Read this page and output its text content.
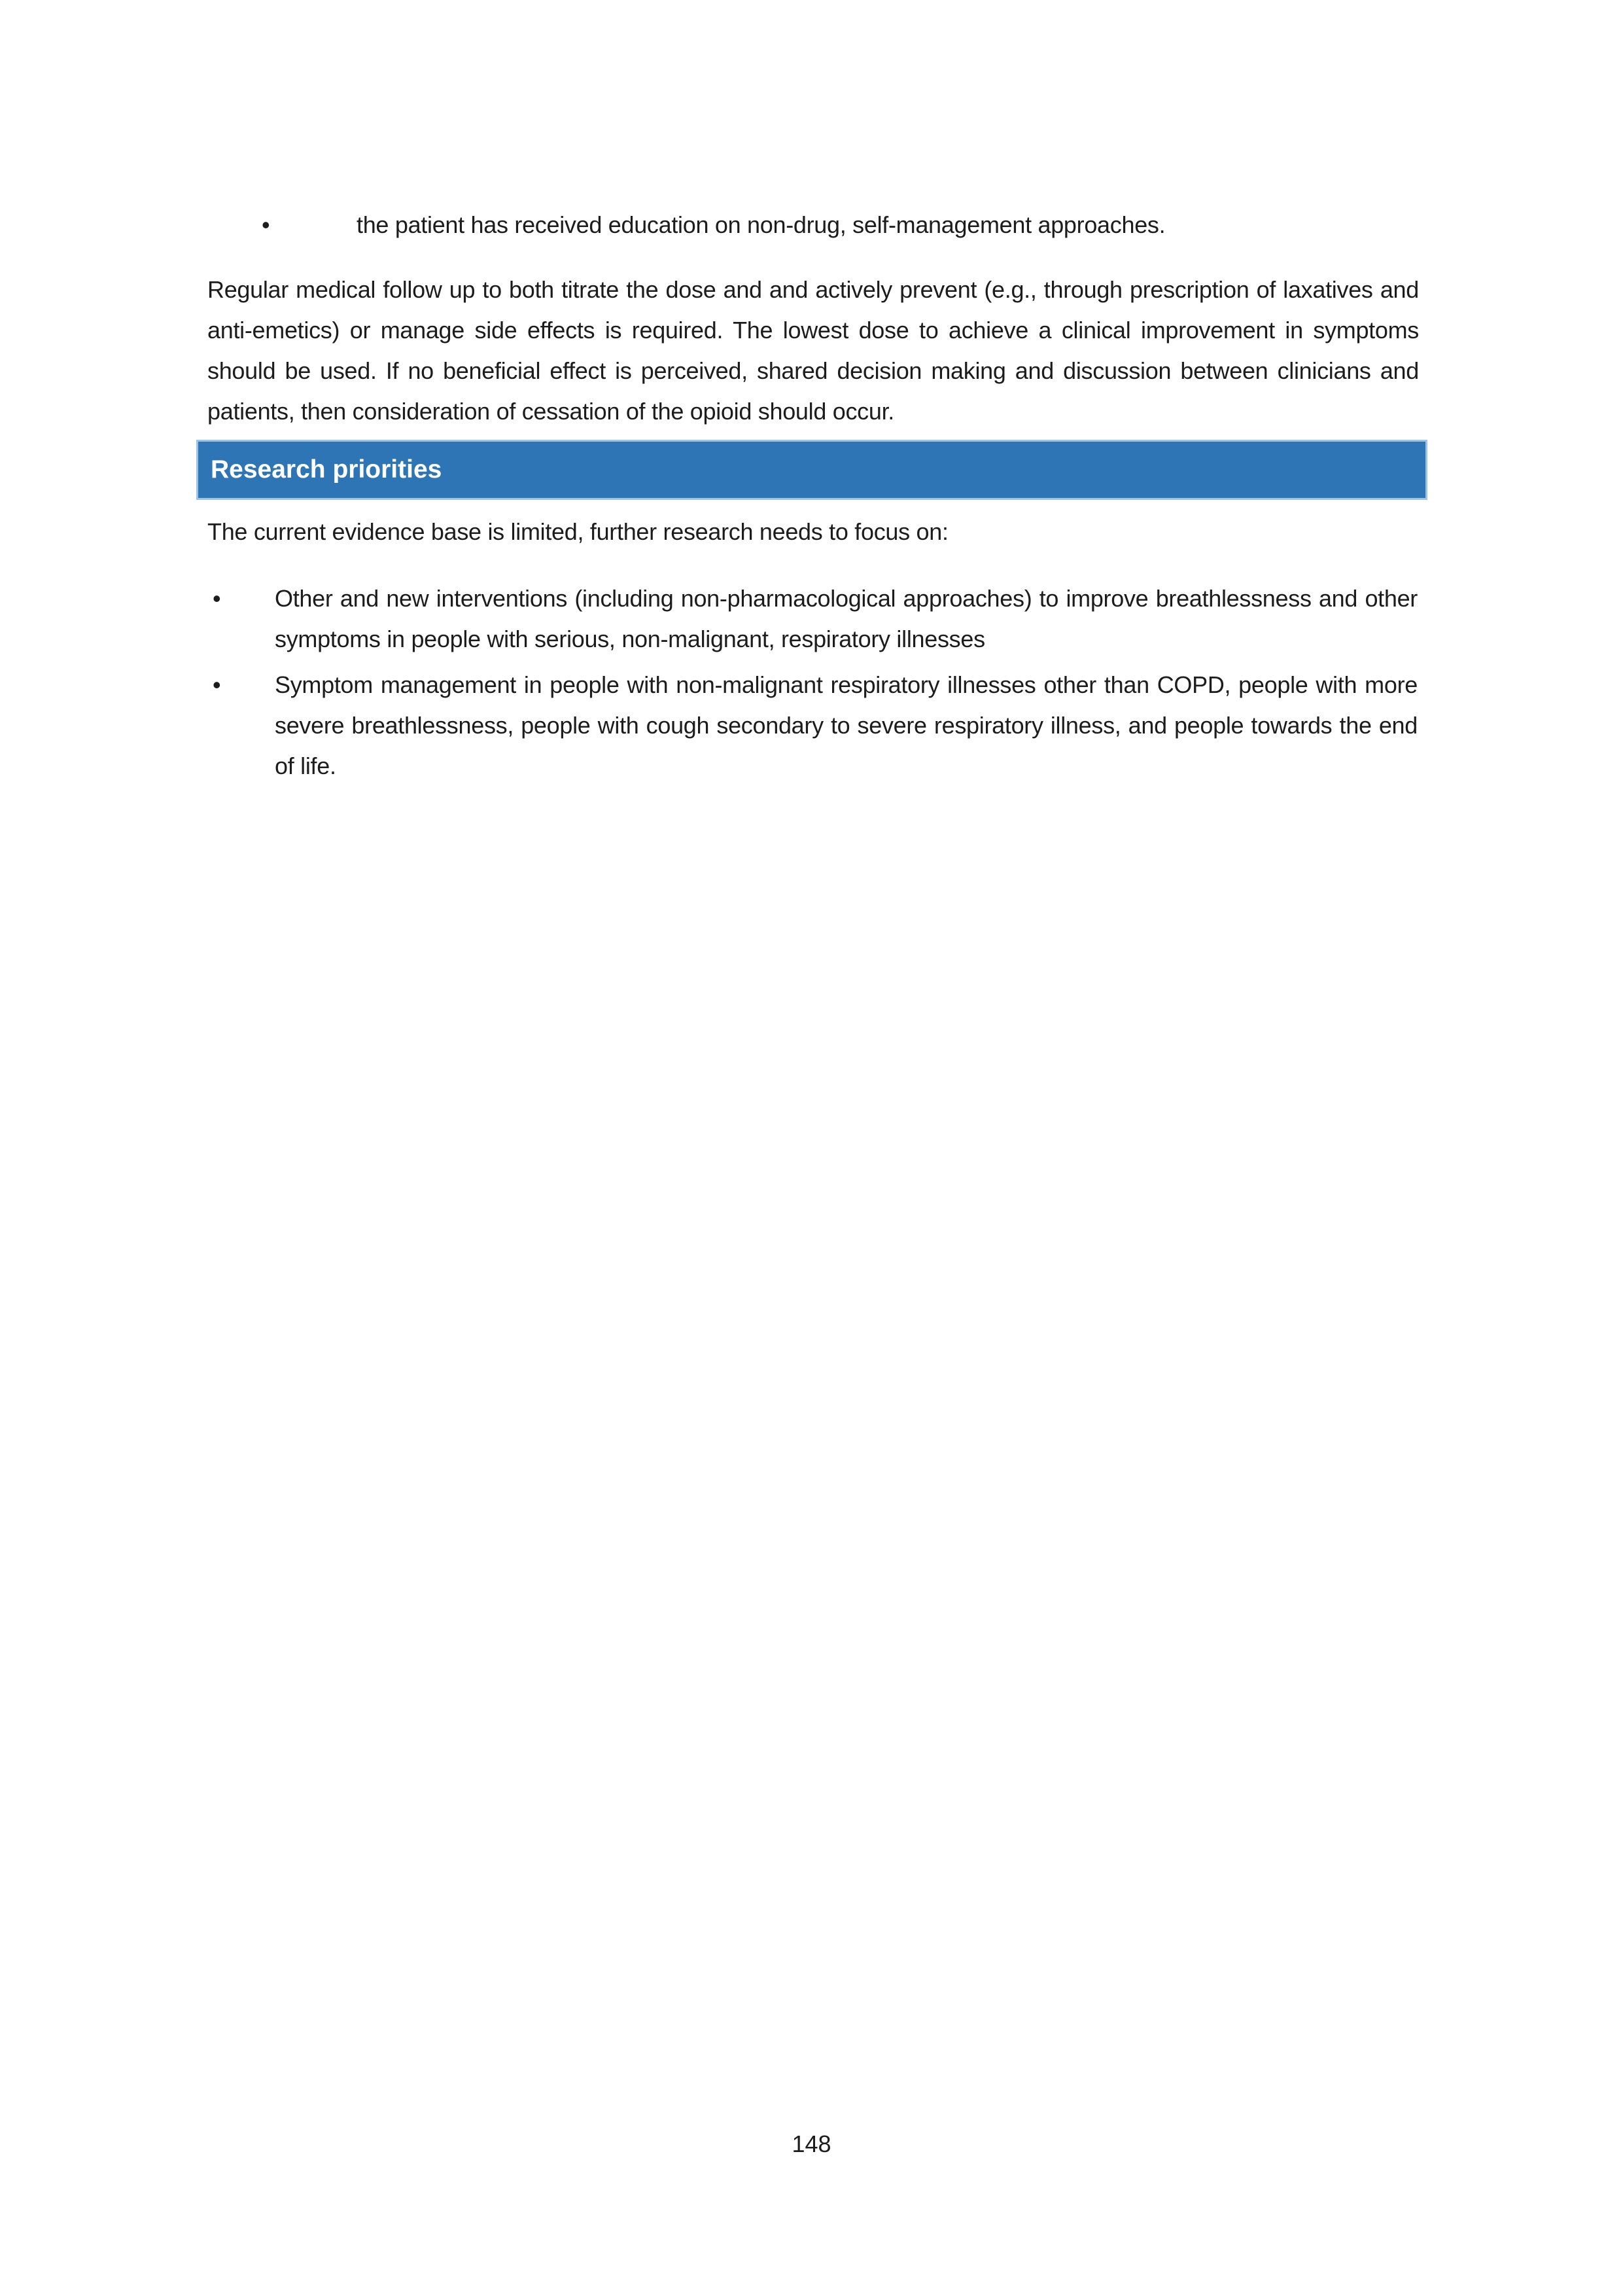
•	the patient has received education on non-drug, self-management approaches.

Regular medical follow up to both titrate the dose and and actively prevent (e.g., through prescription of laxatives and anti-emetics) or manage side effects is required. The lowest dose to achieve a clinical improvement in symptoms should be used. If no beneficial effect is perceived, shared decision making and discussion between clinicians and patients, then consideration of cessation of the opioid should occur.

Research priorities

The current evidence base is limited, further research needs to focus on:

•	Other and new interventions (including non-pharmacological approaches) to improve breathlessness and other symptoms in people with serious, non-malignant, respiratory illnesses
•	Symptom management in people with non-malignant respiratory illnesses other than COPD, people with more severe breathlessness, people with cough secondary to severe respiratory illness, and people towards the end of life.
148
